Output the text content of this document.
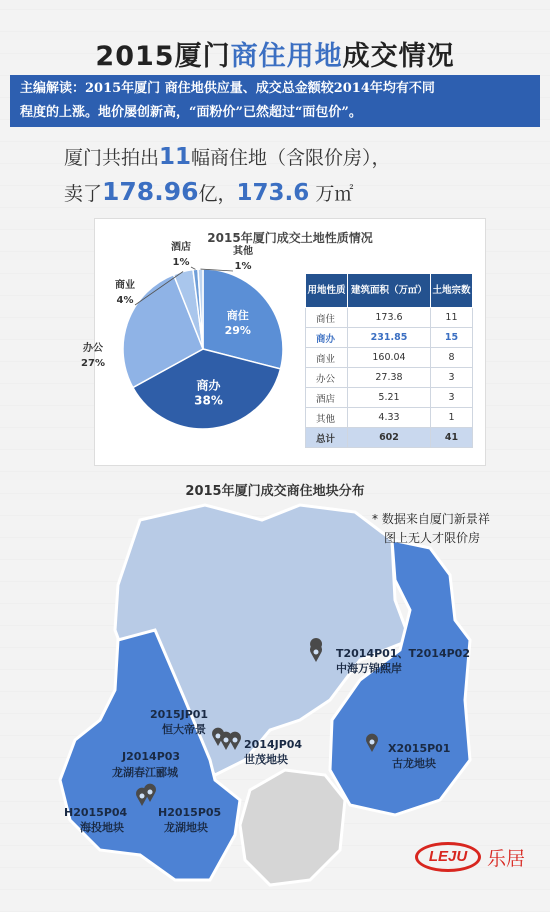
2015厦门商住用地成交情况
主编解读：2015年厦门 商住地供应量、成交总金额较2014年均有不同
程度的上涨。地价屡创新高，“面粉价”已然超过“面包价”。
厦门共拍出11幅商住地（含限价房），
卖了178.96亿，173.6 万㎡
2015年厦门成交土地性质情况
商住
29%
商办
38%
办公
27%
商业
4%
酒店
1%
其他
1%
用地性质	建筑面积（万㎡）	土地宗数
商住	173.6	11
商办	231.85	15
商业	160.04	8
办公	27.38	3
酒店	5.21	3
其他	4.33	1
总计	602	41
2015年厦门成交商住地块分布
T2014P01、T2014P02
中海万锦熙岸
X2015P01
古龙地块
2015JP01
恒大帝景
2014JP04
世茂地块
J2014P03
龙湖春江郦城
H2015P04
海投地块
H2015P05
龙湖地块
* 数据来自厦门新景祥
图上无人才限价房
LEJU	乐居
